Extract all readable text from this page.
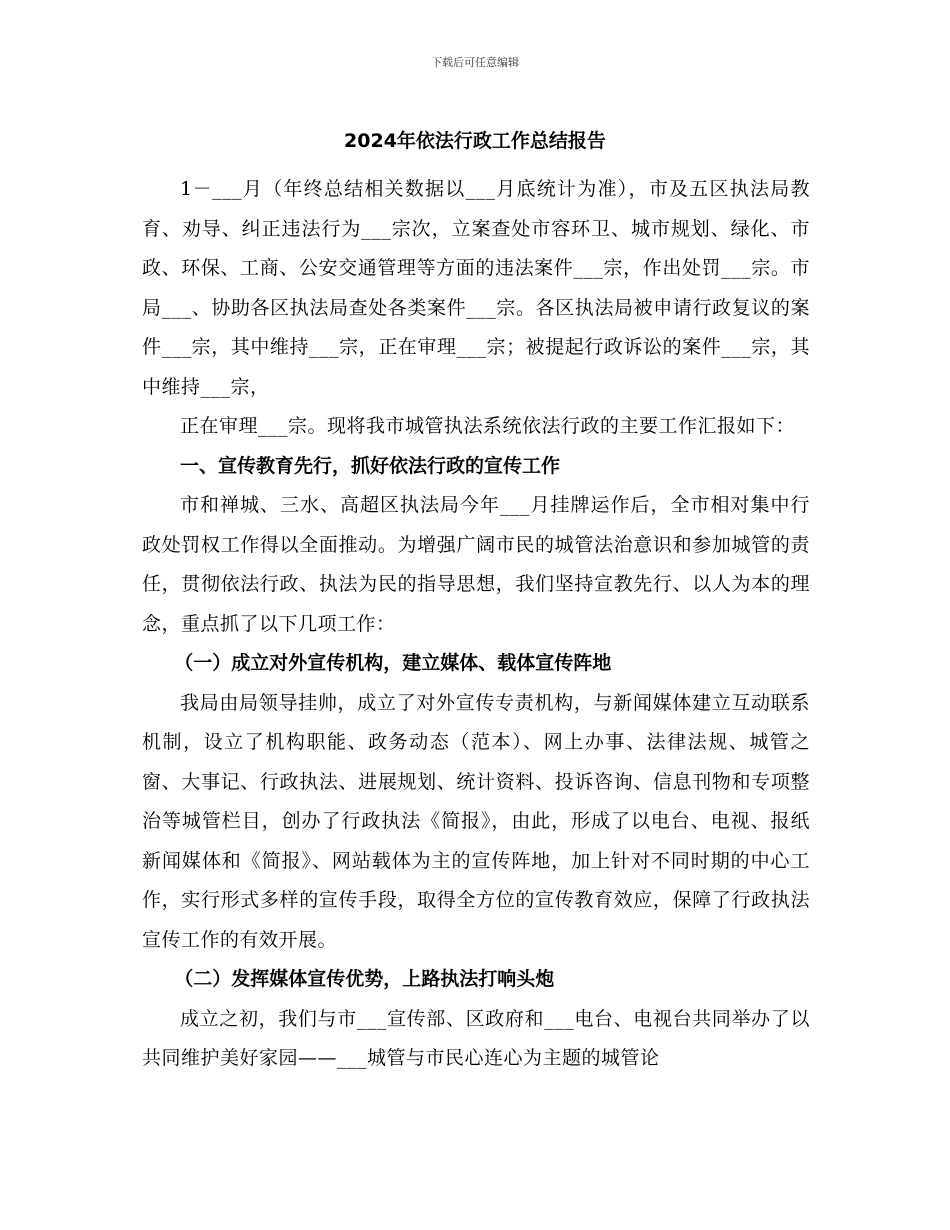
下载后可任意编辑
2024年依法行政工作总结报告

1－___月（年终总结相关数据以___月底统计为准），市及五区执法局教育、劝导、纠正违法行为___宗次，立案查处市容环卫、城市规划、绿化、市政、环保、工商、公安交通管理等方面的违法案件___宗，作出处罚___宗。市局___、协助各区执法局查处各类案件___宗。各区执法局被申请行政复议的案件___宗，其中维持___宗，正在审理___宗；被提起行政诉讼的案件___宗，其中维持___宗，

正在审理___宗。现将我市城管执法系统依法行政的主要工作汇报如下：

一、宣传教育先行，抓好依法行政的宣传工作

市和禅城、三水、高超区执法局今年___月挂牌运作后，全市相对集中行政处罚权工作得以全面推动。为增强广阔市民的城管法治意识和参加城管的责任，贯彻依法行政、执法为民的指导思想，我们坚持宣教先行、以人为本的理念，重点抓了以下几项工作：

（一）成立对外宣传机构，建立媒体、载体宣传阵地

我局由局领导挂帅，成立了对外宣传专责机构，与新闻媒体建立互动联系机制，设立了机构职能、政务动态（范本）、网上办事、法律法规、城管之窗、大事记、行政执法、进展规划、统计资料、投诉咨询、信息刊物和专项整治等城管栏目，创办了行政执法《简报》，由此，形成了以电台、电视、报纸新闻媒体和《简报》、网站载体为主的宣传阵地，加上针对不同时期的中心工作，实行形式多样的宣传手段，取得全方位的宣传教育效应，保障了行政执法宣传工作的有效开展。

（二）发挥媒体宣传优势，上路执法打响头炮

成立之初，我们与市___宣传部、区政府和___电台、电视台共同举办了以共同维护美好家园——___城管与市民心连心为主题的城管论
